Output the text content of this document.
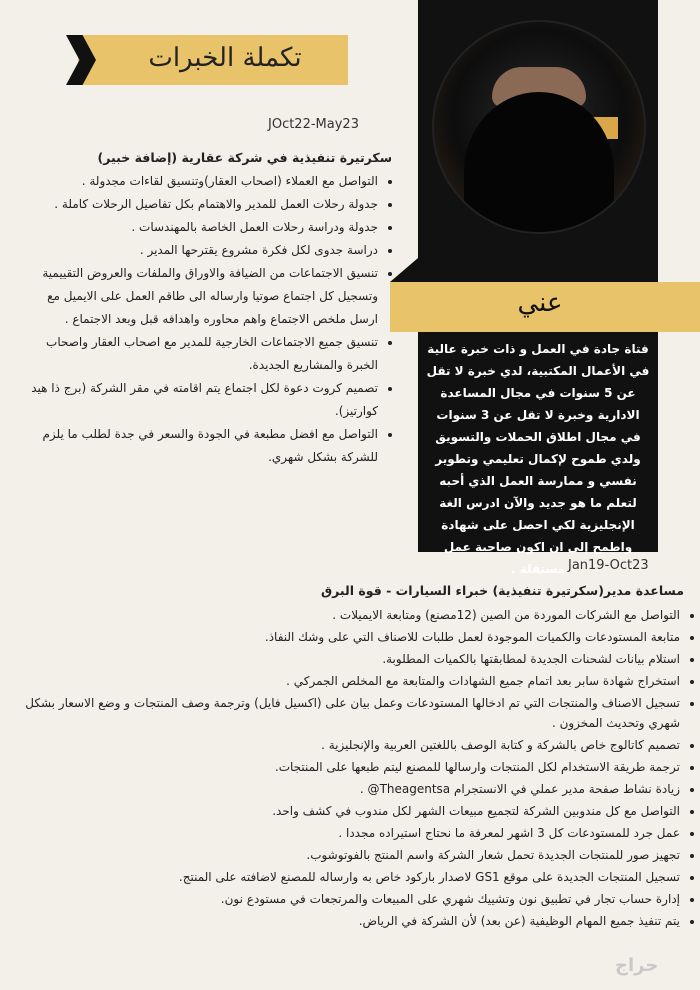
تكملة الخبرات
عني
فتاة جادة في العمل و ذات خبرة عالية في الأعمال المكتبية، لدي خبرة لا تقل عن 5 سنوات في مجال المساعدة الادارية وخبرة لا تقل عن 3 سنوات في مجال اطلاق الحملات والتسويق ولدي طموح لإكمال تعليمي وتطوير نفسي و ممارسة العمل الذي أحبه لتعلم ما هو جديد والآن ادرس الغة الإنجليزية لكي احصل على شهادة واطمح إلى ان اكون صاحبة عمل مستقلة .
JOct22-May23
سكرتيرة تنفيذية في شركة عقارية (إضافة خبير)
• التواصل مع العملاء (اصحاب العقار)وتنسيق لقاءات مجدولة .
• جدولة رحلات العمل للمدير والاهتمام بكل تفاصيل الرحلات كاملة .
• جدولة ودراسة رحلات العمل الخاصة بالمهندسات .
• دراسة جدوى لكل فكرة مشروع يقترحها المدير .
• تنسيق الاجتماعات من الضيافة والاوراق والملفات والعروض التقييمية وتسجيل كل اجتماع صوتيا وارساله الى طاقم العمل على الايميل مع ارسل ملخص الاجتماع واهم محاوره واهدافه قبل وبعد الاجتماع .
• تنسيق جميع الاجتماعات الخارجية للمدير مع اصحاب العقار واصحاب الخبرة والمشاريع الجديدة.
• تصميم كروت دعوة لكل اجتماع يتم اقامته في مقر الشركة (برج ذا هيد كوارتيز).
• التواصل مع افضل مطبعة في الجودة والسعر في جدة لطلب ما يلزم للشركة بشكل شهري.
Jan19-Oct23
مساعدة مدير(سكرتيرة تنفيذية) خبراء السيارات - قوة البرق
• التواصل مع الشركات الموردة من الصين (12مصنع) ومتابعة الايميلات .
• متابعة المستودعات والكميات الموجودة لعمل طلبات للاصناف التي على وشك النفاذ.
• استلام بيانات لشحنات الجديدة لمطابقتها بالكميات المطلوبة.
• استخراج شهادة سابر بعد اتمام جميع الشهادات والمتابعة مع المخلص الجمركي .
• تسجيل الاصناف والمنتجات التي تم ادخالها المستودعات وعمل بيان على (اكسيل فايل) وترجمة وصف المنتجات و وضع الاسعار بشكل شهري وتحديث المخزون .
• تصميم كاتالوج خاص بالشركة و كتابة الوصف باللغتين العربية والإنجليزية .
• ترجمة طريقة الاستخدام لكل المنتجات وارسالها للمصنع ليتم طبعها على المنتجات.
• زيادة نشاط صفحة مدير عملي في الانستجرام Theagentsa@ .
• التواصل مع كل مندوبين الشركة لتجميع مبيعات الشهر لكل مندوب في كشف واحد.
• عمل جرد للمستودعات كل 3 اشهر لمعرفة ما نحتاج استيراده مجددا .
• تجهيز صور للمنتجات الجديدة تحمل شعار الشركة واسم المنتج بالفوتوشوب.
• تسجيل المنتجات الجديدة على موقع GS1 لاصدار باركود خاص به وارساله للمصنع لاضافته على المنتج.
• إدارة حساب تجار في تطبيق نون وتشييك شهري على المبيعات والمرتجعات في مستودع نون.
• يتم تنفيذ جميع المهام الوظيفية (عن بعد) لأن الشركة في الرياض.
حراج
